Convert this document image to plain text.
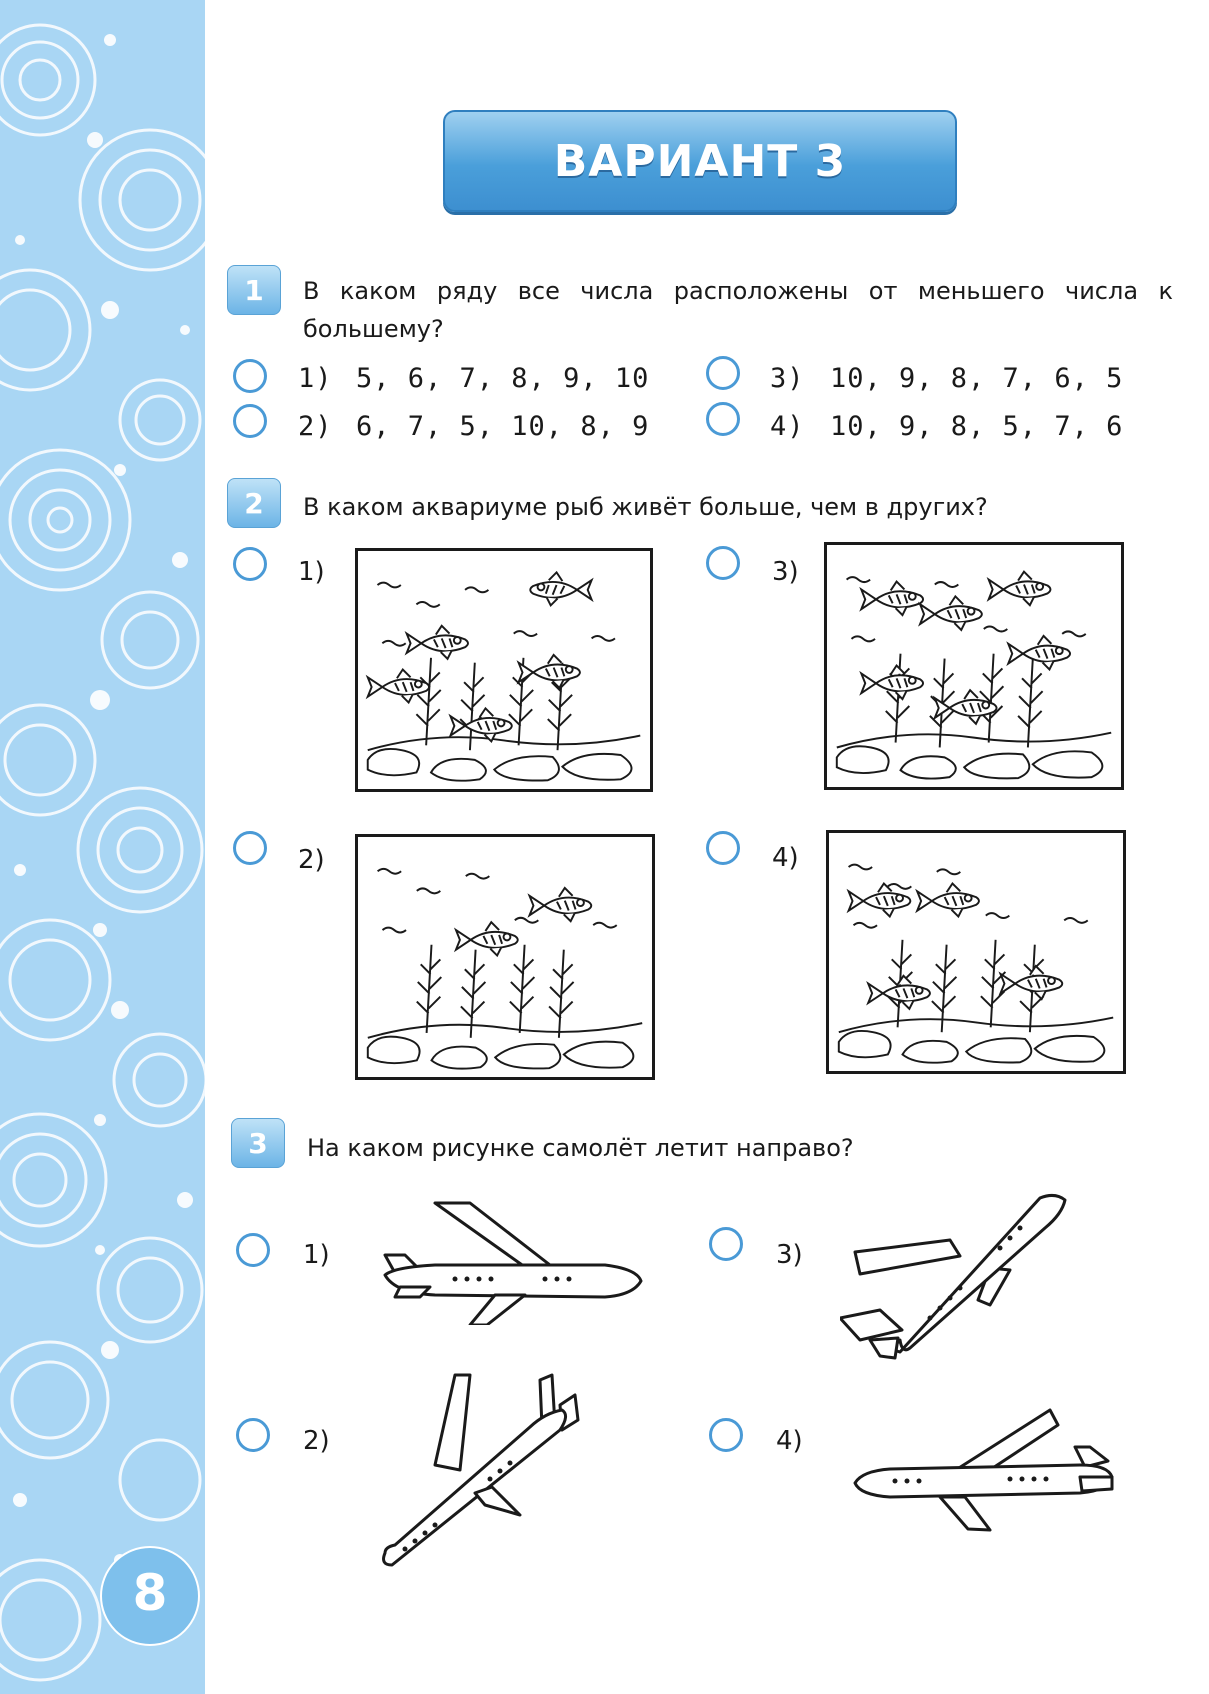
ВАРИАНТ 3
1	В каком ряду все числа расположены от меньшего числа к большему?
1) 5, 6, 7, 8, 9, 10
2) 6, 7, 5, 10, 8, 9
3) 10, 9, 8, 7, 6, 5
4) 10, 9, 8, 5, 7, 6
2	В каком аквариуме рыб живёт больше, чем в других?
1)	3)
2)	4)
3	На каком рисунке самолёт летит направо?
1)	3)
2)	4)
8
